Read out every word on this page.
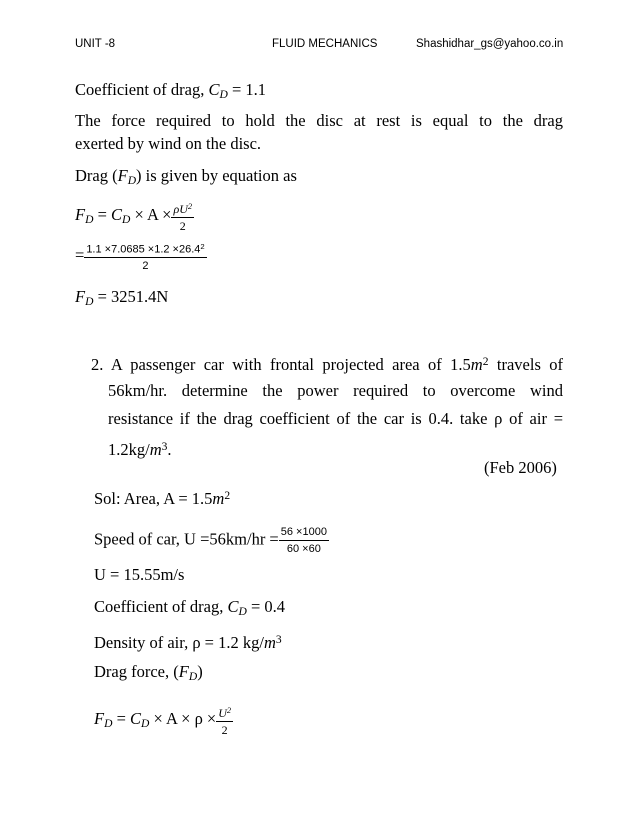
UNIT -8	FLUID MECHANICS	Shashidhar_gs@yahoo.co.in
Coefficient of drag, $C_D = 1.1$
The force required to hold the disc at rest is equal to the drag
exerted by wind on the disc.
Drag $(F_D)$ is given by equation as
$F_D = C_D \times A \times \frac{\rho U^2}{2}$
= $\frac{1.1 \times 7.0685 \times 1.2 \times 26.4^2}{2}$
$F_D = 3251.4N$
2. A passenger car with frontal projected area of $1.5m^2$ travels of
56km/hr. determine the power required to overcome wind
resistance if the drag coefficient of the car is 0.4. take ρ of air =
$1.2kg/m^3$.
(Feb 2006)
Sol: Area, $A = 1.5m^2$
Speed of car, $U =56km/hr = \frac{56 \times 1000}{60 \times 60}$
U = 15.55m/s
Coefficient of drag, $C_D = 0.4$
Density of air, ρ = 1.2 $kg/m^3$
Drag force, $(F_D)$
$F_D = C_D \times A \times \rho \times \frac{U^2}{2}$
